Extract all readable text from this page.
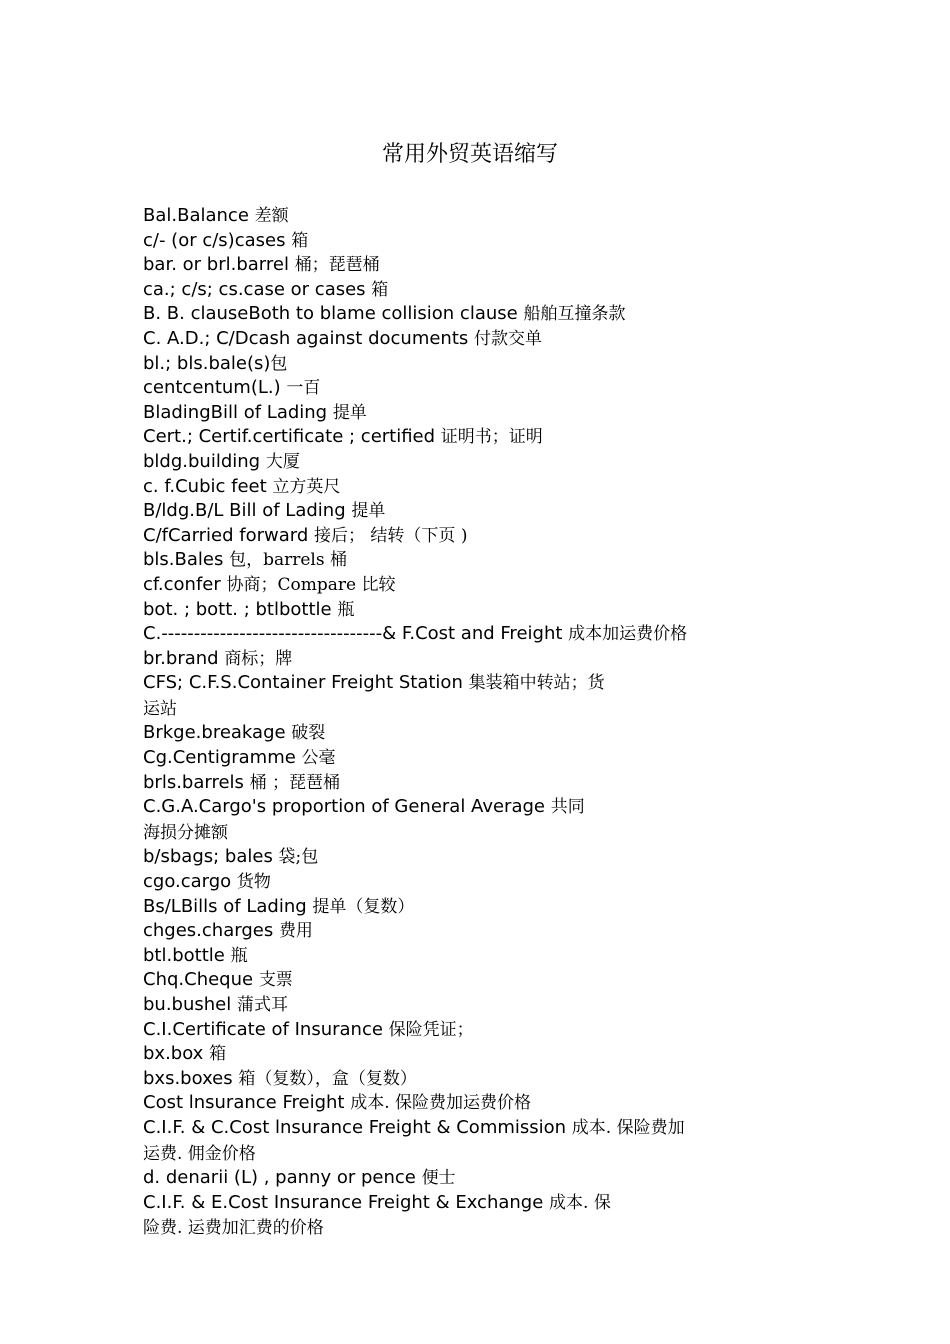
常用外贸英语缩写
Bal.Balance 差额
c/- (or c/s)cases 箱
bar. or brl.barrel 桶；琵琶桶
ca.; c/s; cs.case or cases 箱
B. B. clauseBoth to blame collision clause 船舶互撞条款
C. A.D.; C/Dcash against documents 付款交单
bl.; bls.bale(s)包
centcentum(L.) 一百
BladingBill of Lading 提单
Cert.; Certif.certificate ; certified 证明书；证明
bldg.building 大厦
c. f.Cubic feet 立方英尺
B/ldg.B/L Bill of Lading 提单
C/fCarried forward 接后； 结转（下页 )
bls.Bales 包，barrels 桶
cf.confer 协商；Compare 比较
bot. ; bott. ; btlbottle 瓶
C.----------------------------------& F.Cost and Freight 成本加运费价格
br.brand 商标；牌
CFS; C.F.S.Container Freight Station 集装箱中转站；货
运站
Brkge.breakage 破裂
Cg.Centigramme 公毫
brls.barrels 桶 ；琵琶桶
C.G.A.Cargo's proportion of General Average 共同
海损分摊额
b/sbags; bales 袋;包
cgo.cargo 货物
Bs/LBills of Lading 提单（复数）
chges.charges 费用
btl.bottle 瓶
Chq.Cheque 支票
bu.bushel 蒲式耳
C.I.Certificate of Insurance 保险凭证；
bx.box 箱
bxs.boxes 箱（复数），盒（复数）
Cost lnsurance Freight 成本. 保险费加运费价格
C.I.F. & C.Cost lnsurance Freight & Commission 成本. 保险费加
运费. 佣金价格
d. denarii (L) , panny or pence 便士
C.I.F. & E.Cost Insurance Freight & Exchange 成本. 保
险费. 运费加汇费的价格
